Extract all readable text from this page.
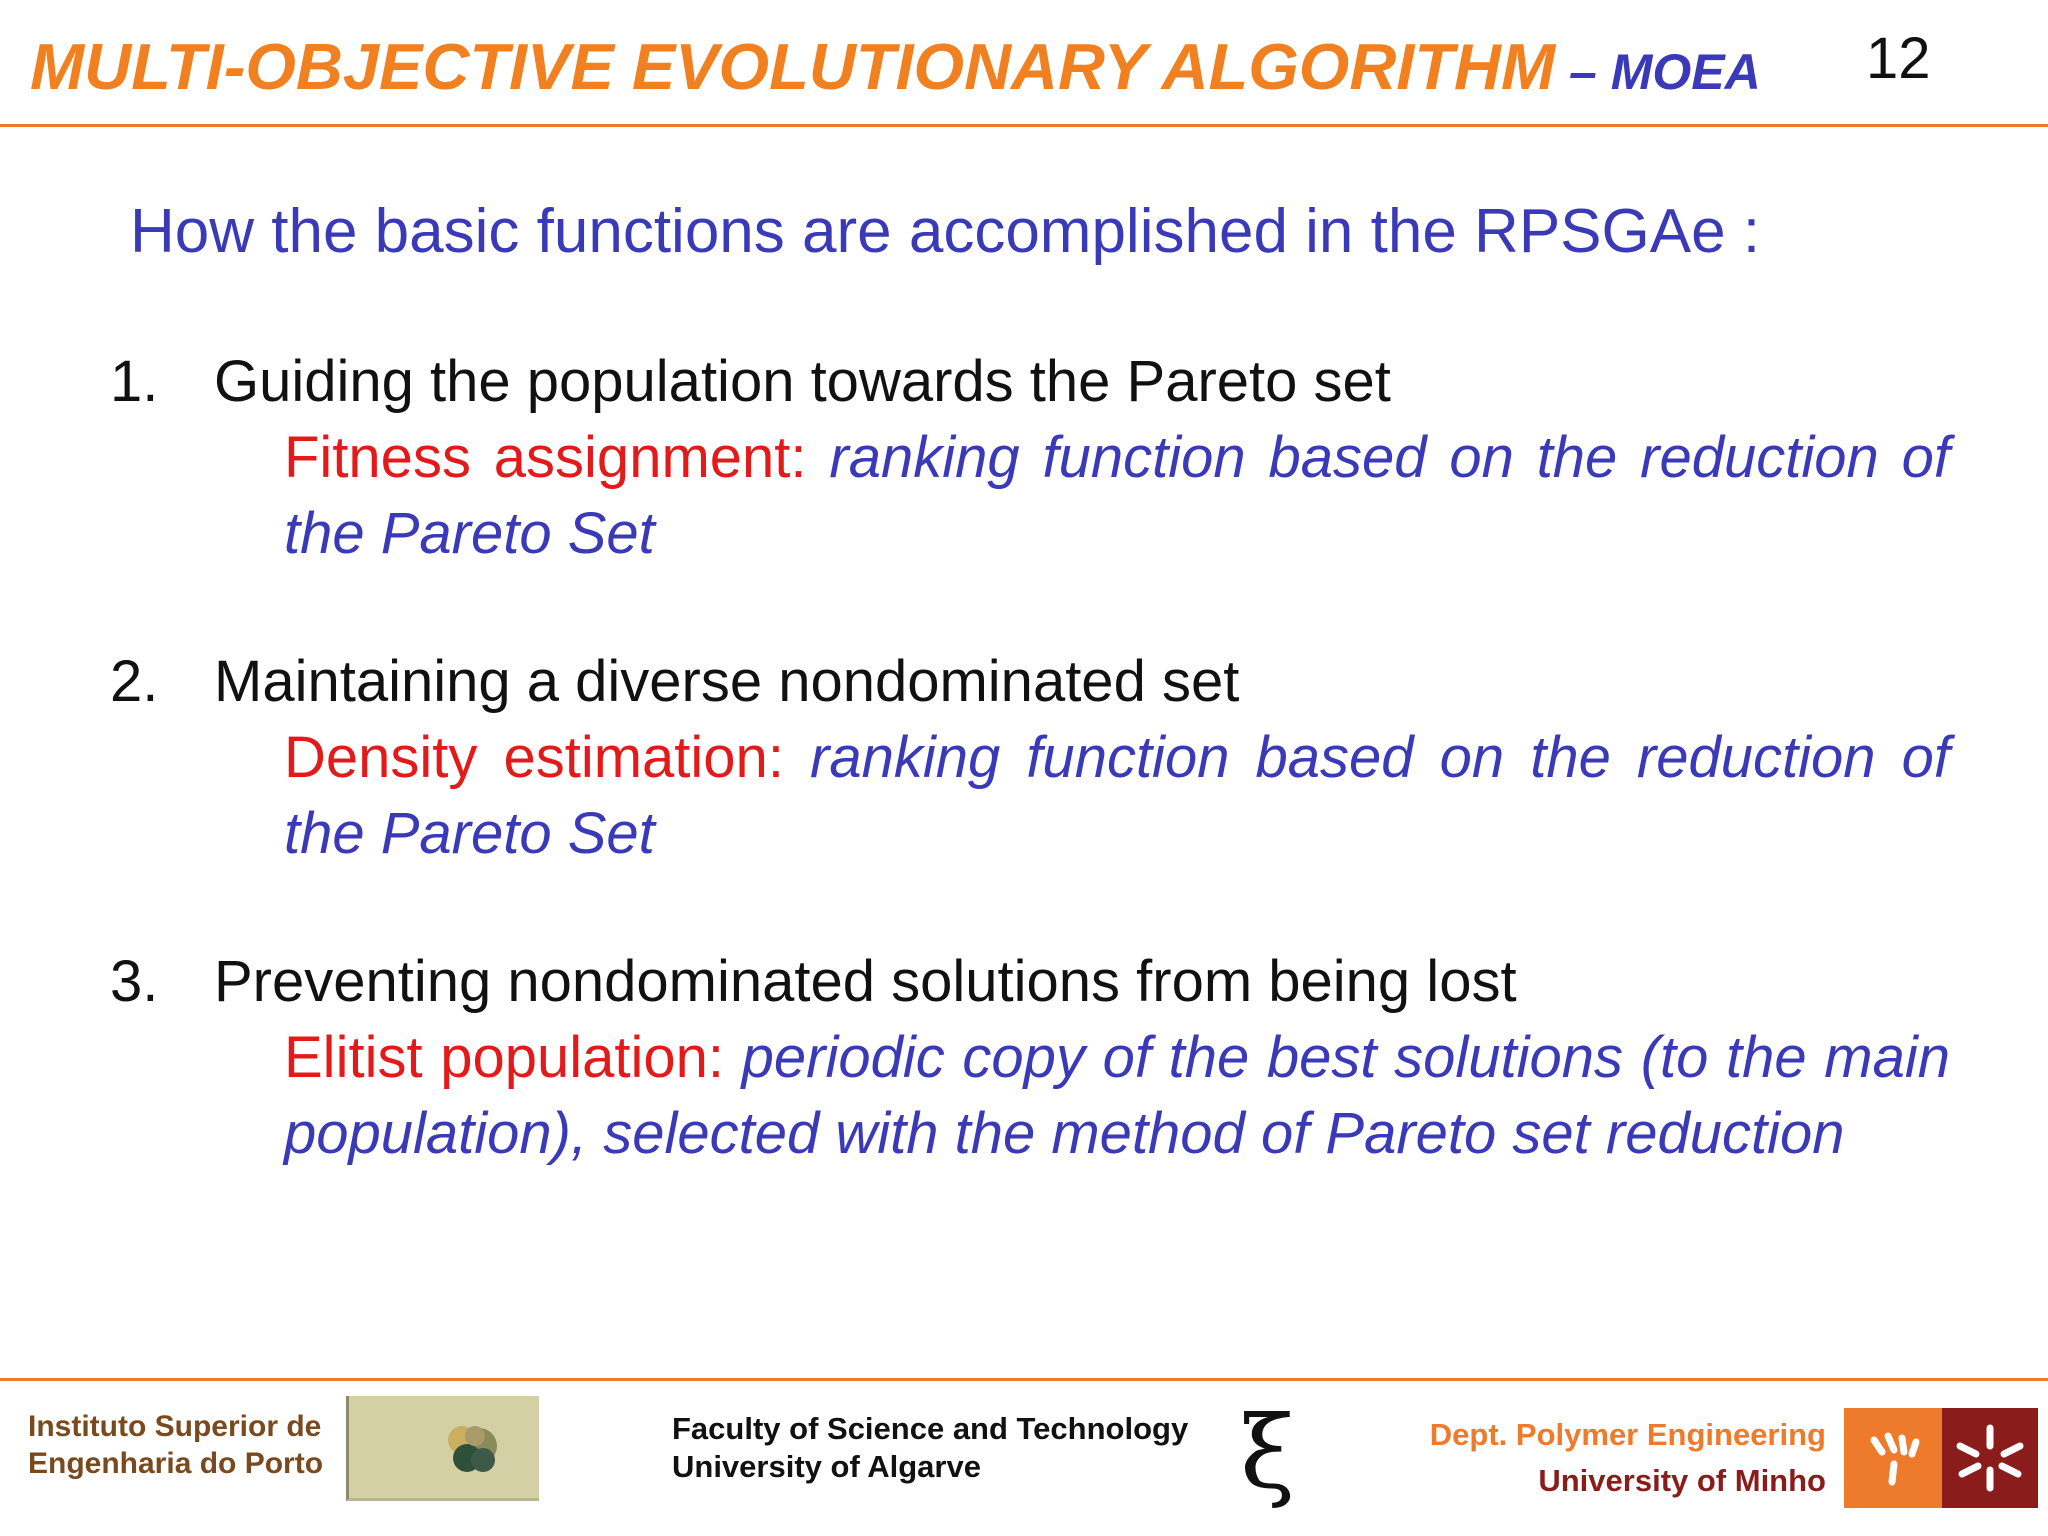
MULTI-OBJECTIVE EVOLUTIONARY ALGORITHM – MOEA	12
How the basic functions are accomplished in the RPSGAe :
1. Guiding the population towards the Pareto set
Fitness assignment: ranking function based on the reduction of the Pareto Set
2. Maintaining a diverse nondominated set
Density estimation: ranking function based on the reduction of the Pareto Set
3. Preventing nondominated solutions from being lost
Elitist population: periodic copy of the best solutions (to the main population), selected with the method of Pareto set reduction
Instituto Superior de
Engenharia do Porto
Faculty of Science and Technology
University of Algarve	ξ	Dept. Polymer Engineering
University of Minho
